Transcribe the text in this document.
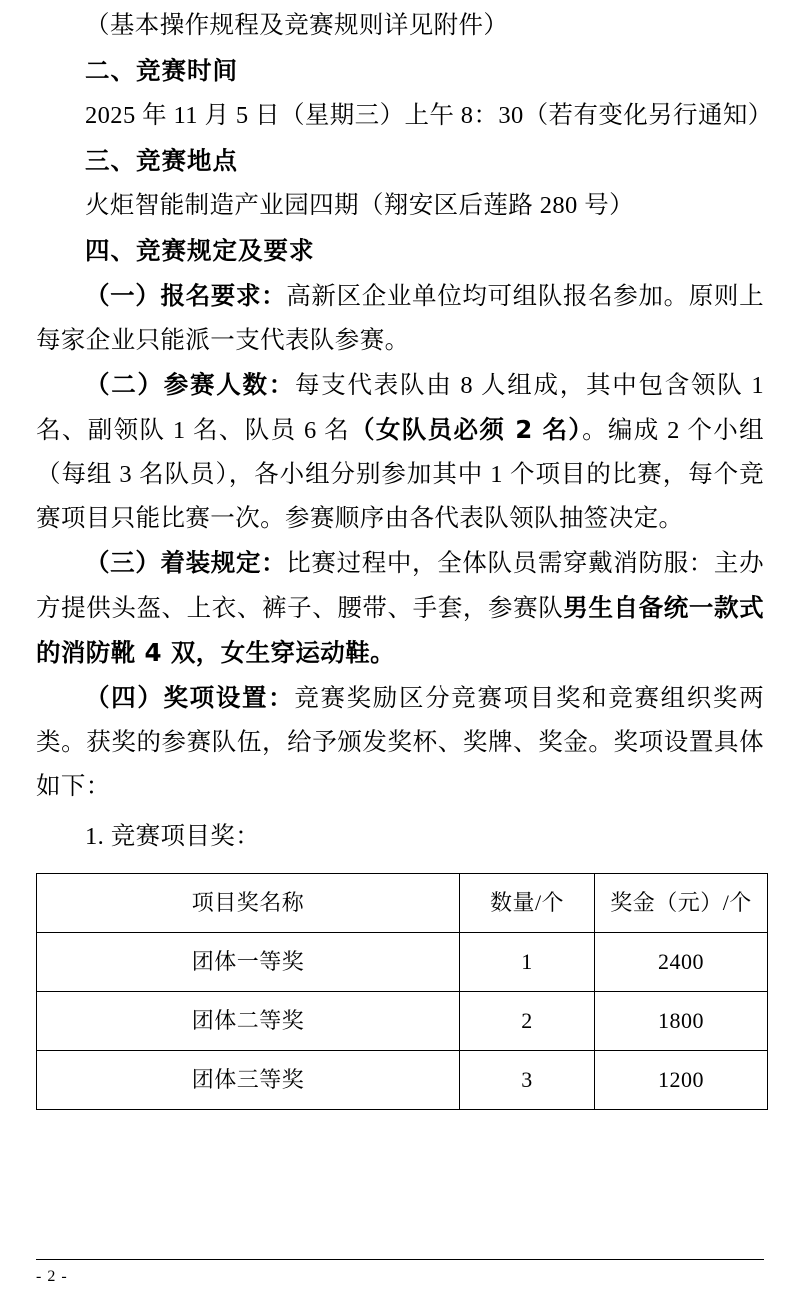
（基本操作规程及竞赛规则详见附件）

二、竞赛时间

2025 年 11 月 5 日（星期三）上午 8：30（若有变化另行通知）

三、竞赛地点

火炬智能制造产业园四期（翔安区后莲路 280 号）

四、竞赛规定及要求

（一）报名要求：高新区企业单位均可组队报名参加。原则上每家企业只能派一支代表队参赛。

（二）参赛人数：每支代表队由 8 人组成，其中包含领队 1 名、副领队 1 名、队员 6 名（女队员必须 2 名）。编成 2 个小组（每组 3 名队员），各小组分别参加其中 1 个项目的比赛，每个竞赛项目只能比赛一次。参赛顺序由各代表队领队抽签决定。

（三）着装规定：比赛过程中，全体队员需穿戴消防服：主办方提供头盔、上衣、裤子、腰带、手套，参赛队男生自备统一款式的消防靴 4 双，女生穿运动鞋。

（四）奖项设置：竞赛奖励区分竞赛项目奖和竞赛组织奖两类。获奖的参赛队伍，给予颁发奖杯、奖牌、奖金。奖项设置具体如下：

1. 竞赛项目奖：

项目奖名称	数量/个	奖金（元）/个
团体一等奖	1	2400
团体二等奖	2	1800
团体三等奖	3	1200
- 2 -
